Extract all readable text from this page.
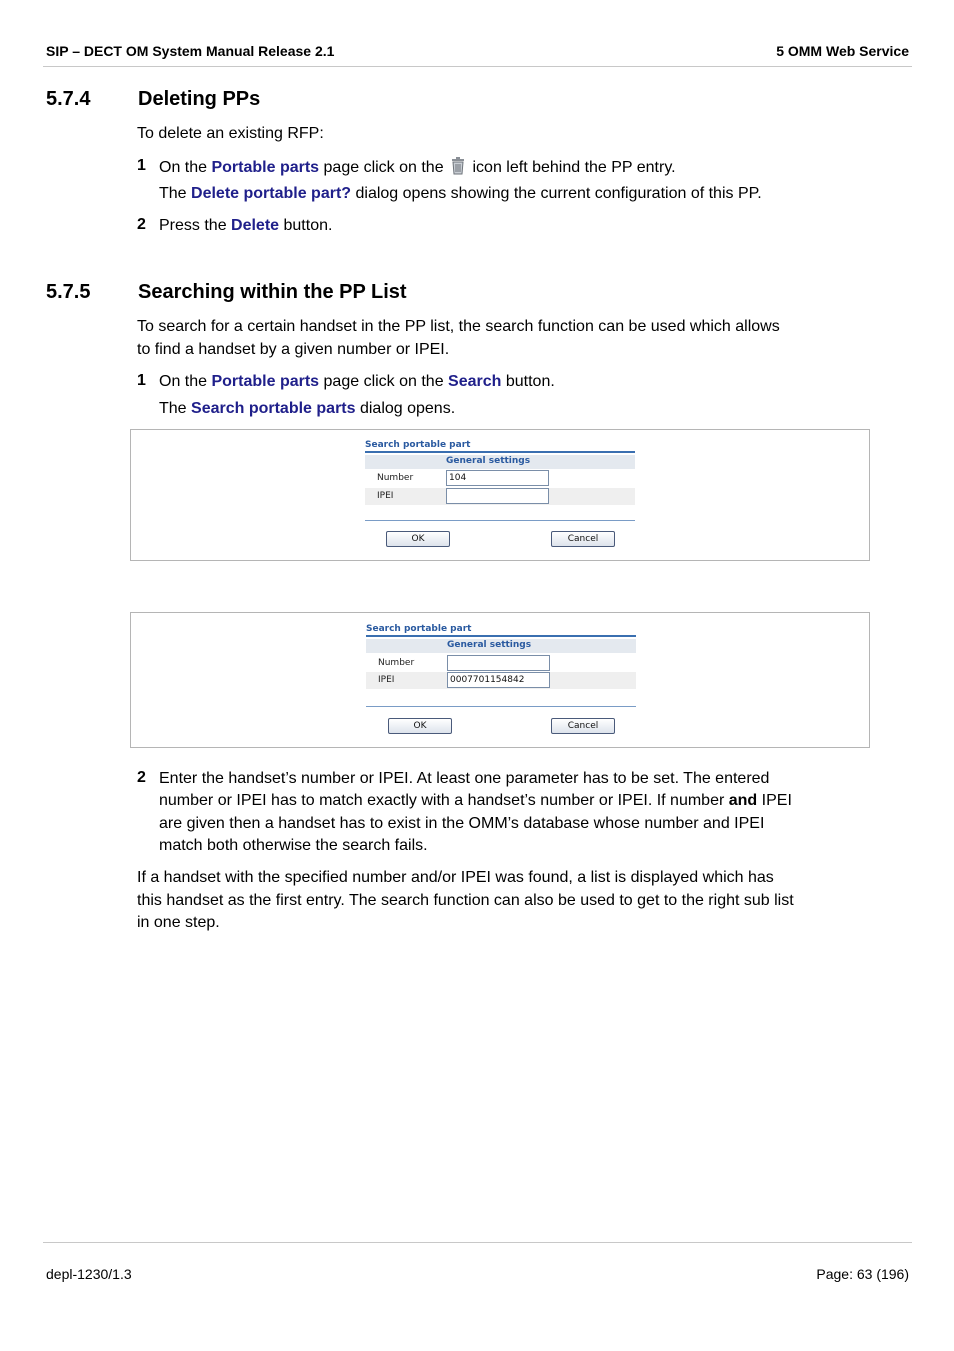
SIP – DECT OM System Manual Release 2.1	5 OMM Web Service
5.7.4 Deleting PPs
To delete an existing RFP:
1 On the Portable parts page click on the  icon left behind the PP entry.
The Delete portable part? dialog opens showing the current configuration of this PP.
2 Press the Delete button.
5.7.5 Searching within the PP List
To search for a certain handset in the PP list, the search function can be used which allows
to find a handset by a given number or IPEI.
1 On the Portable parts page click on the Search button.
The Search portable parts dialog opens.
Search portable part
General settings
Number	104
IPEI
OK	Cancel
Search portable part
General settings
Number
IPEI	0007701154842
OK	Cancel
2 Enter the handset’s number or IPEI. At least one parameter has to be set. The entered
number or IPEI has to match exactly with a handset’s number or IPEI. If number and IPEI
are given then a handset has to exist in the OMM’s database whose number and IPEI
match both otherwise the search fails.
If a handset with the specified number and/or IPEI was found, a list is displayed which has
this handset as the first entry. The search function can also be used to get to the right sub list
in one step.
depl-1230/1.3	Page: 63 (196)
